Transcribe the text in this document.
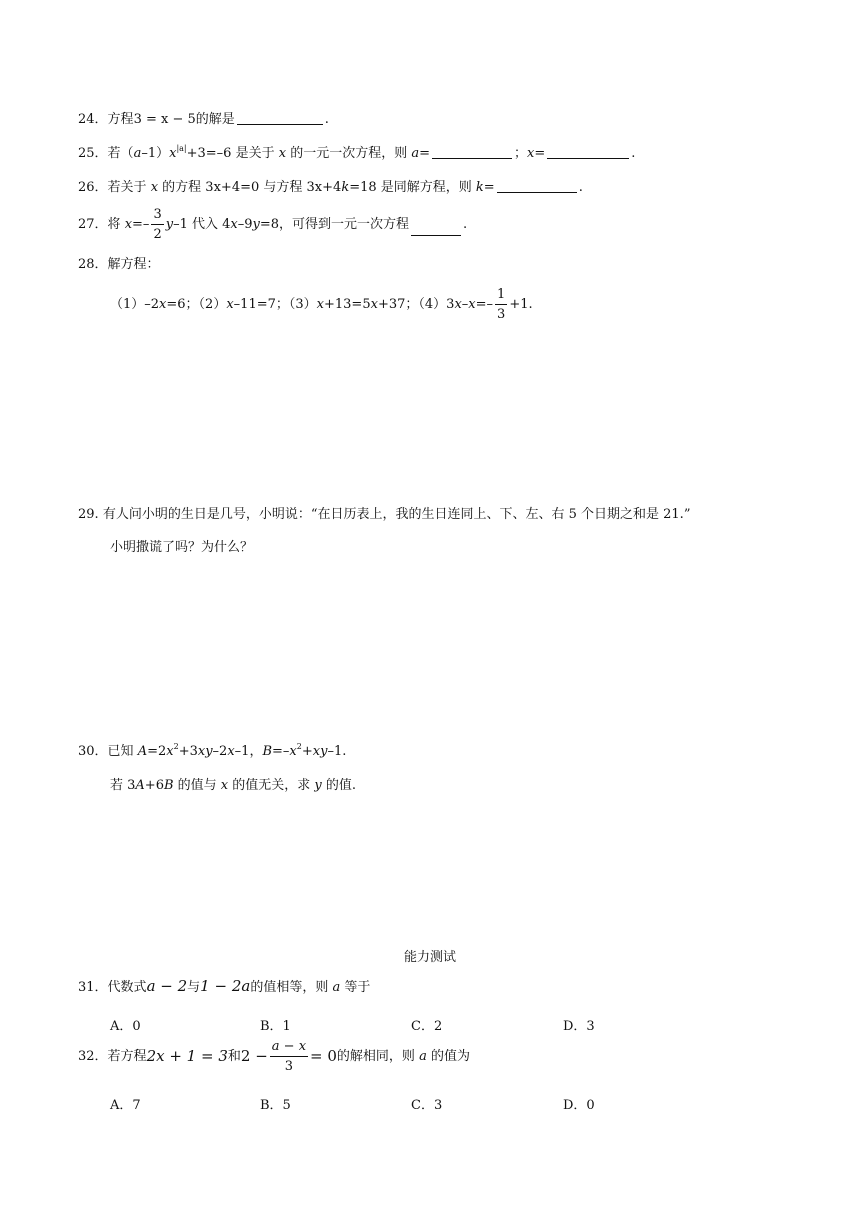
24．方程3 = x − 5的解是	.
25．若$(a-1)x^{|a|}+3=-6$ 是关于 x 的一元一次方程，则 a=	；x=	.
26．若关于 x 的方程 3x+4=0 与方程 3x+4k=18 是同解方程，则 k=	.
27．将 $x=- \frac{3}{2} y-1$ 代入 4x–9y=8，可得到一元一次方程	.
28．解方程：
（1）–2x=6；（2）x–11=7；（3）x+13=5x+37；$(4)3x-x=- \frac{1}{3} +1$.
29. 有人问小明的生日是几号，小明说：“在日历表上，我的生日连同上、下、左、右 5 个日期之和是 21.”
小明撒谎了吗？为什么？
30．已知 $A=2x^2+3xy-2x-1$，$B=-x^2+xy-1$.
若 3A+6B 的值与 x 的值无关，求 y 的值.
能力测试
31．代数式a − 2与1 − 2a的值相等，则 a 等于
A．0	B．1	C．2	D．3
32．若方程2x + 1 = 3和$2 - \frac{a - x}{3} = 0$的解相同，则 a 的值为
A．7	B．5	C．3	D．0
